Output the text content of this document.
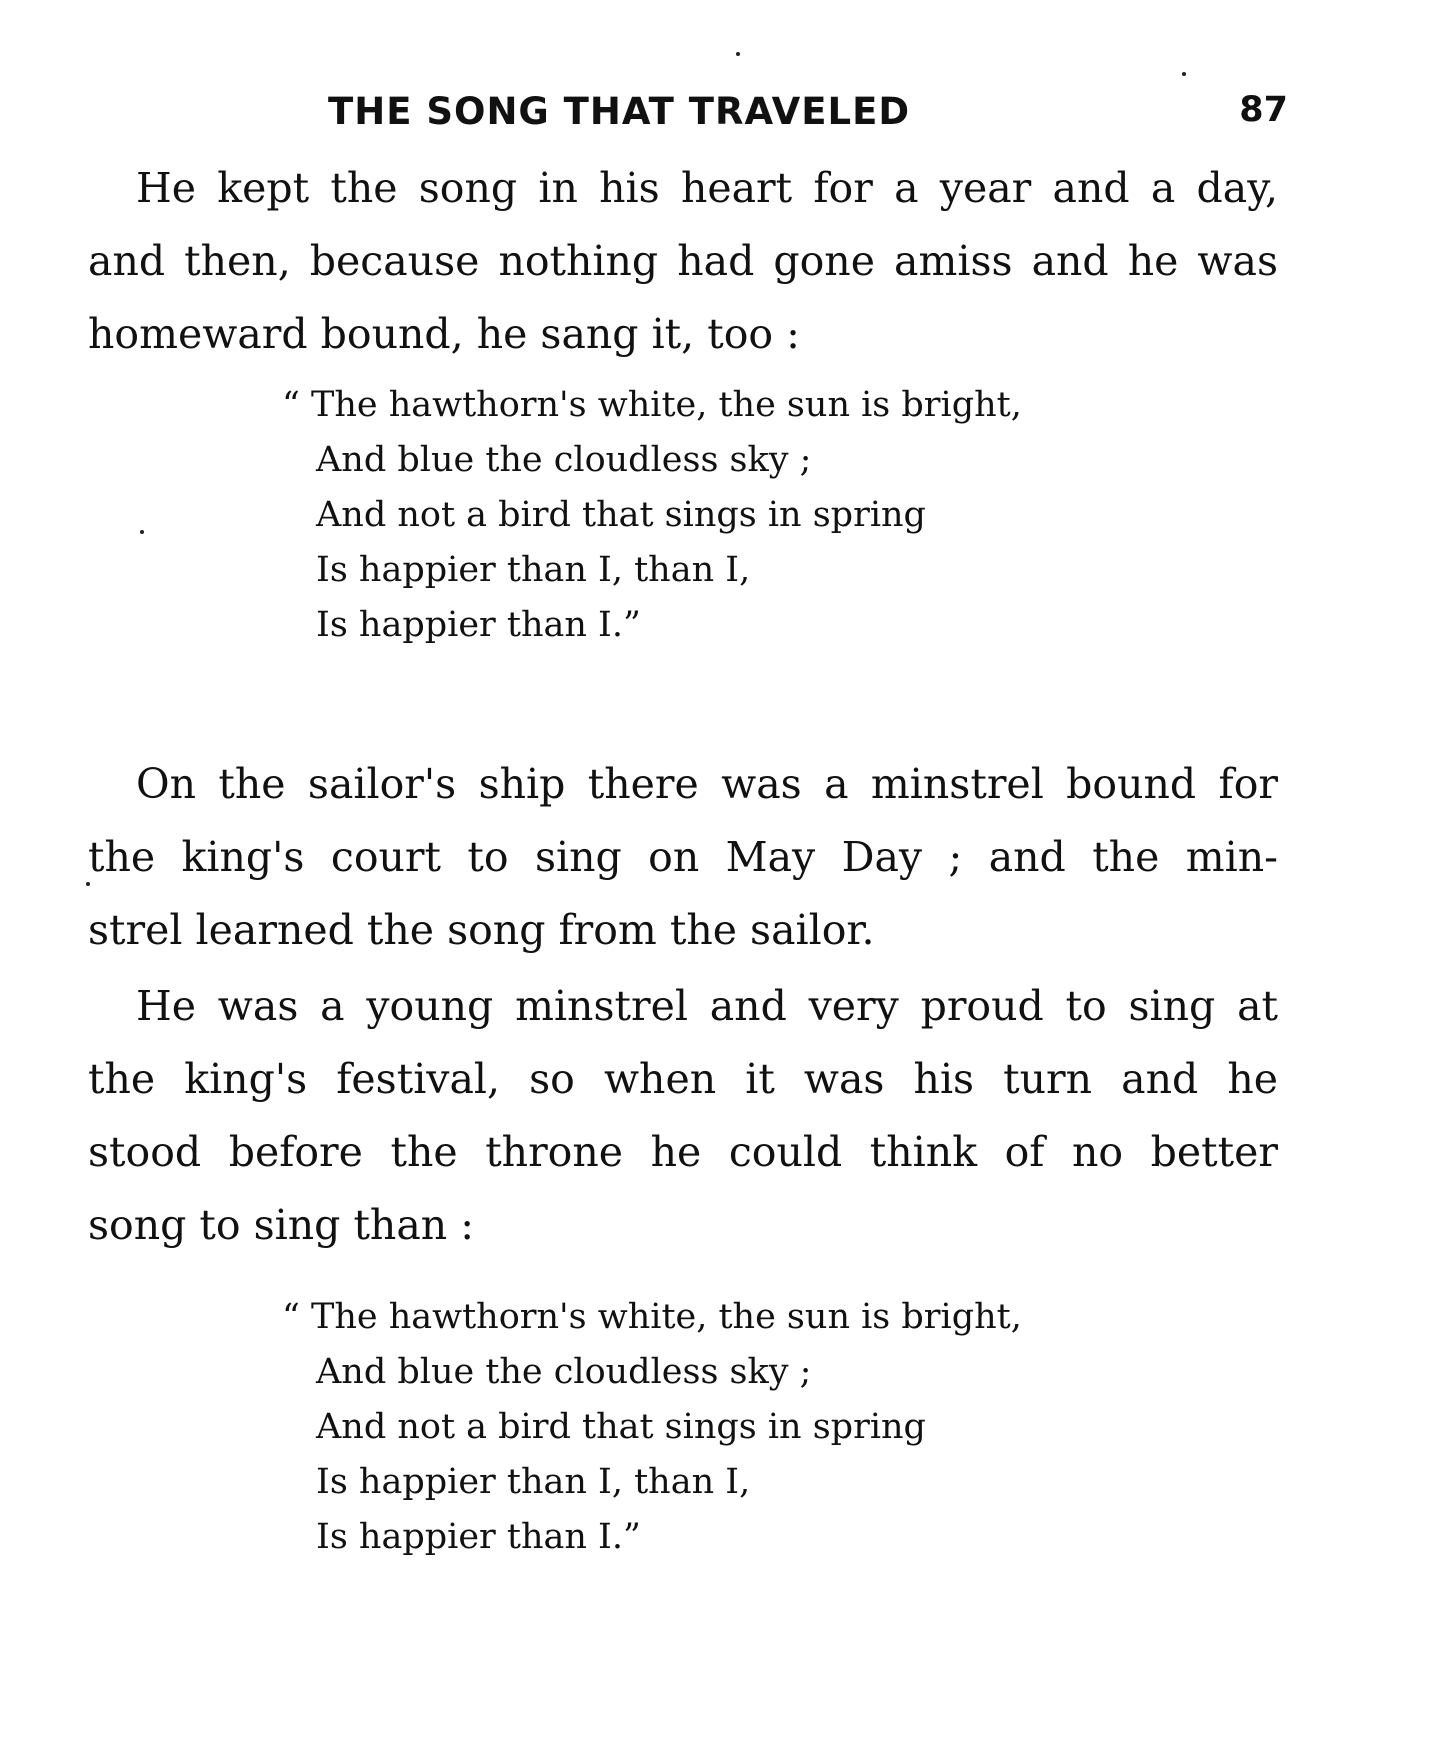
THE SONG THAT TRAVELED	87

He kept the song in his heart for a year and a day,
and then, because nothing had gone amiss and he was
homeward bound, he sang it, too :

“ The hawthorn's white, the sun is bright,
And blue the cloudless sky ;
And not a bird that sings in spring
Is happier than I, than I,
Is happier than I.”

On the sailor's ship there was a minstrel bound for
the king's court to sing on May Day ; and the min-
strel learned the song from the sailor.

He was a young minstrel and very proud to sing at
the king's festival, so when it was his turn and he
stood before the throne he could think of no better
song to sing than :

“ The hawthorn's white, the sun is bright,
And blue the cloudless sky ;
And not a bird that sings in spring
Is happier than I, than I,
Is happier than I.”
